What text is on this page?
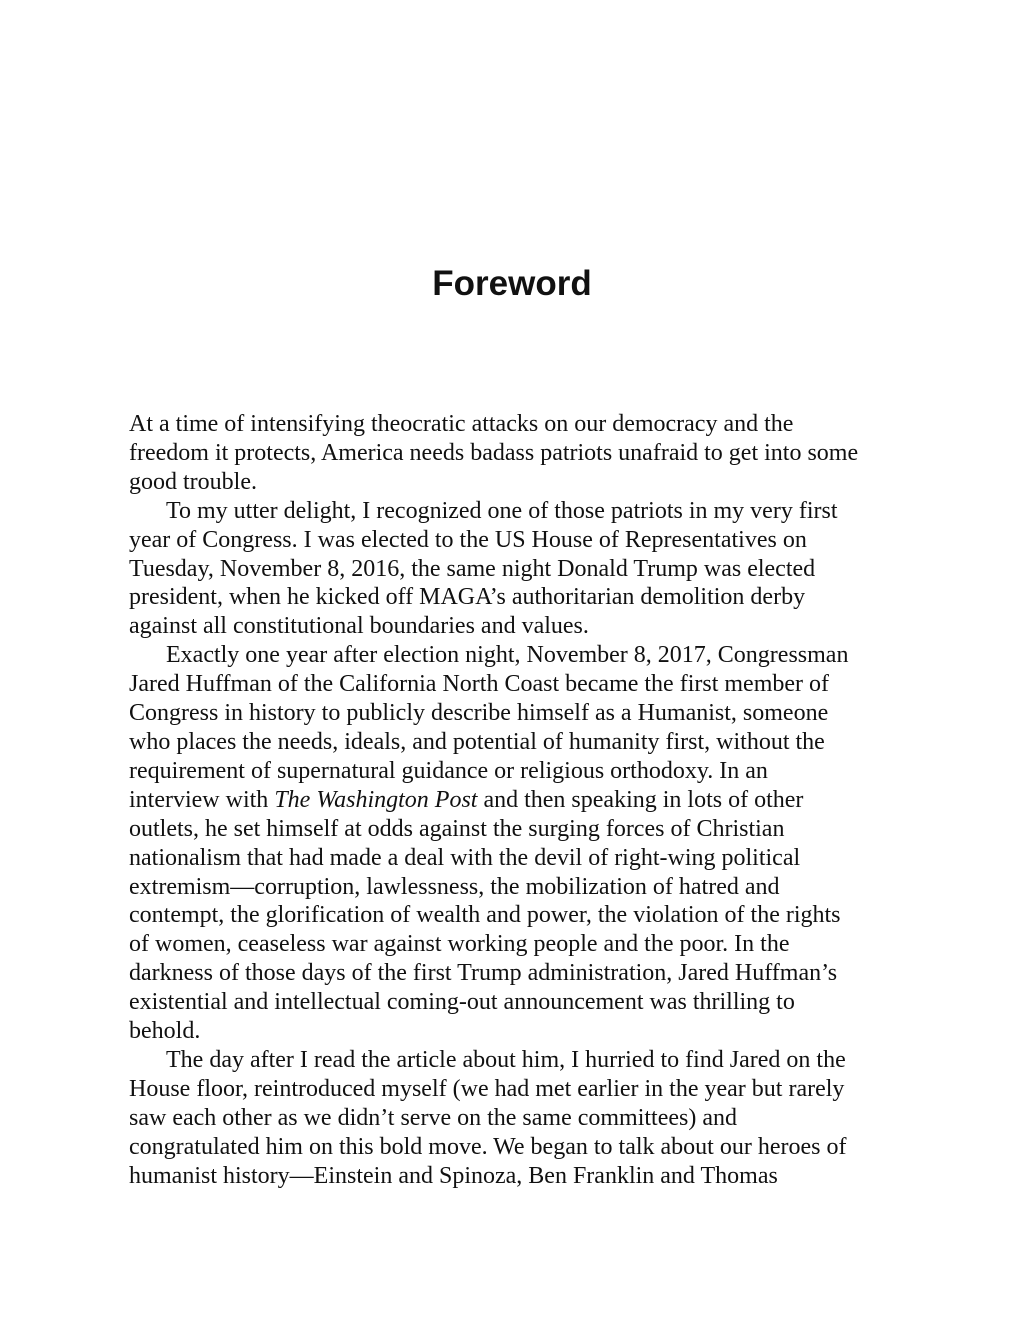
Foreword

At a time of intensifying theocratic attacks on our democracy and the
freedom it protects, America needs badass patriots unafraid to get into some
good trouble.

To my utter delight, I recognized one of those patriots in my very first
year of Congress. I was elected to the US House of Representatives on
Tuesday, November 8, 2016, the same night Donald Trump was elected
president, when he kicked off MAGA’s authoritarian demolition derby
against all constitutional boundaries and values.

Exactly one year after election night, November 8, 2017, Congressman
Jared Huffman of the California North Coast became the first member of
Congress in history to publicly describe himself as a Humanist, someone
who places the needs, ideals, and potential of humanity first, without the
requirement of supernatural guidance or religious orthodoxy. In an
interview with The Washington Post and then speaking in lots of other
outlets, he set himself at odds against the surging forces of Christian
nationalism that had made a deal with the devil of right-wing political
extremism—corruption, lawlessness, the mobilization of hatred and
contempt, the glorification of wealth and power, the violation of the rights
of women, ceaseless war against working people and the poor. In the
darkness of those days of the first Trump administration, Jared Huffman’s
existential and intellectual coming-out announcement was thrilling to
behold.

The day after I read the article about him, I hurried to find Jared on the
House floor, reintroduced myself (we had met earlier in the year but rarely
saw each other as we didn’t serve on the same committees) and
congratulated him on this bold move. We began to talk about our heroes of
humanist history—Einstein and Spinoza, Ben Franklin and Thomas
